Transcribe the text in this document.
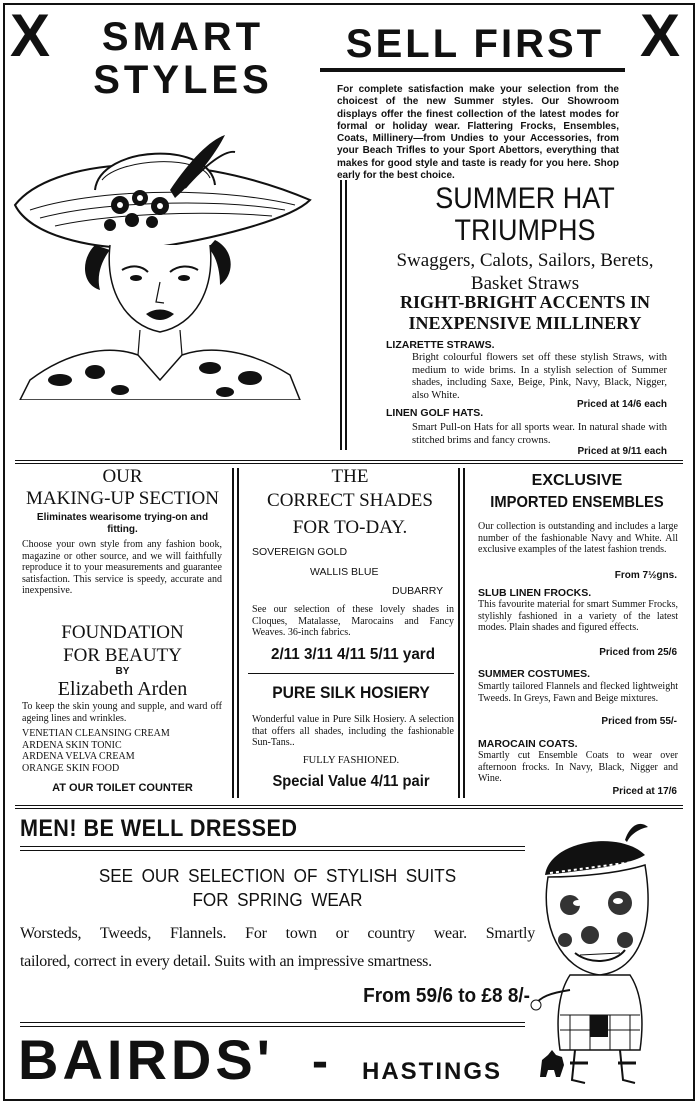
X	SMART
STYLES
SELL FIRST X
For complete satisfaction make your selection from the choicest of the new Summer styles. Our Showroom displays offer the finest collection of the latest modes for formal or holiday wear. Flattering Frocks, Ensembles, Coats, Millinery—from Undies to your Accessories, from your Beach Trifles to your Sport Abettors, everything that makes for good style and taste is ready for you here. Shop early for the best choice.
SUMMER HAT
TRIUMPHS
Swaggers, Calots, Sailors, Berets,
Basket Straws
RIGHT-BRIGHT ACCENTS IN
INEXPENSIVE MILLINERY
LIZARETTE STRAWS.
Bright colourful flowers set off these stylish Straws, with medium to wide brims. In a stylish selection of Summer shades, including Saxe, Beige, Pink, Navy, Black, Nigger, also White.
Priced at 14/6 each
LINEN GOLF HATS.
Smart Pull-on Hats for all sports wear. In natural shade with stitched brims and fancy crowns.
Priced at 9/11 each
OUR
MAKING-UP SECTION
Eliminates wearisome trying-on and fitting.
Choose your own style from any fashion book, magazine or other source, and we will faithfully reproduce it to your measurements and guarantee satisfaction. This service is speedy, accurate and inexpensive.
FOUNDATION
FOR BEAUTY
BY
Elizabeth Arden
To keep the skin young and supple, and ward off ageing lines and wrinkles.
VENETIAN CLEANSING CREAM
ARDENA SKIN TONIC
ARDENA VELVA CREAM
ORANGE SKIN FOOD
AT OUR TOILET COUNTER
THE
CORRECT SHADES
FOR TO-DAY.
SOVEREIGN GOLD
WALLIS BLUE
DUBARRY
See our selection of these lovely shades in Cloques, Matalasse, Marocains and Fancy Weaves. 36-inch fabrics.
2/11 3/11 4/11 5/11 yard
PURE SILK HOSIERY
Wonderful value in Pure Silk Hosiery. A selection that offers all shades, including the fashionable Sun-Tans..
FULLY FASHIONED.
Special Value 4/11 pair
EXCLUSIVE
IMPORTED ENSEMBLES
Our collection is outstanding and includes a large number of the fashionable Navy and White. All exclusive examples of the latest fashion trends.
From 7½gns.
SLUB LINEN FROCKS.
This favourite material for smart Summer Frocks, stylishly fashioned in a variety of the latest modes. Plain shades and figured effects.
Priced from 25/6
SUMMER COSTUMES.
Smartly tailored Flannels and flecked lightweight Tweeds. In Greys, Fawn and Beige mixtures.
Priced from 55/-
MAROCAIN COATS.
Smartly cut Ensemble Coats to wear over afternoon frocks. In Navy, Black, Nigger and Wine.
Priced at 17/6
MEN! BE WELL DRESSED
SEE OUR SELECTION OF STYLISH SUITS
FOR SPRING WEAR
Worsteds, Tweeds, Flannels. For town or country wear. Smartly
tailored, correct in every detail. Suits with an impressive smartness.
From 59/6 to £8 8/-
BAIRDS' - HASTINGS
